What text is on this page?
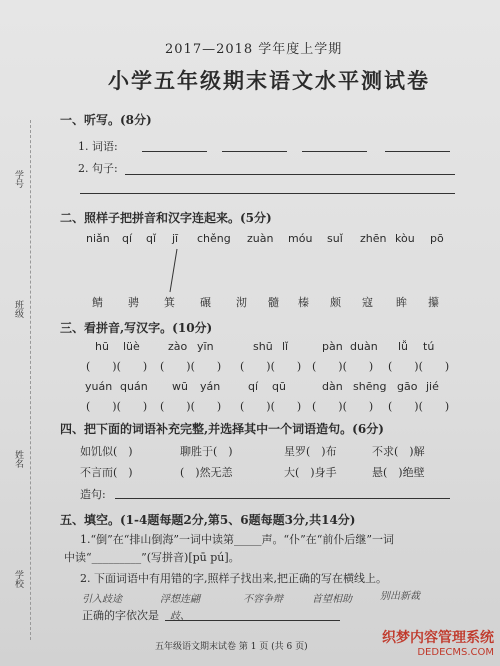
学号
班级
姓名
学校
2017—2018 学年度上学期
小学五年级期末语文水平测试卷
一、听写。(8分)
1. 词语:
2. 句子:
二、照样子把拼音和汉字连起来。(5分)
niǎn qí qǐ jī chěng zuàn móu suǐ zhēn kòu pō
鲭 骋 箕 碾 沏 髓 榛 颇 寇 眸 攥
三、看拼音,写汉字。(10分)
hū lüè	zào yīn	shū lǐ	pàn duàn lǚ tú
(　　)(　　) (　　)(　　) (　　)(　　) (　　)(　　) (　　)(　　)
yuán quán wū yán	qí qū	dàn shēng gāo jié
(　　)(　　) (　　)(　　) (　　)(　　) (　　)(　　) (　　)(　　)
四、把下面的词语补充完整,并选择其中一个词语造句。(6分)
如饥似(　 )	聊胜于(　 )	星罗(　 )布	不求(　 )解
不言而(　 )	(　 )然无恙	大(　 )身手	悬(　 )绝壁
造句:
五、填空。(1-4题每题2分,第5、6题每题3分,共14分)
1.“倒”在“排山倒海”一词中读第_____声。“仆”在“前仆后继”一词
中读“_________”(写拼音)[pū pú]。
2. 下面词语中有用错的字,照样子找出来,把正确的写在横线上。
引入歧途	浮想连翩	不容争辩	首望相助	别出新裁
正确的字依次是 歧、
五年级语文期末试卷 第 1 页 (共 6 页)
织梦内容管理系统
DEDECMS.COM
